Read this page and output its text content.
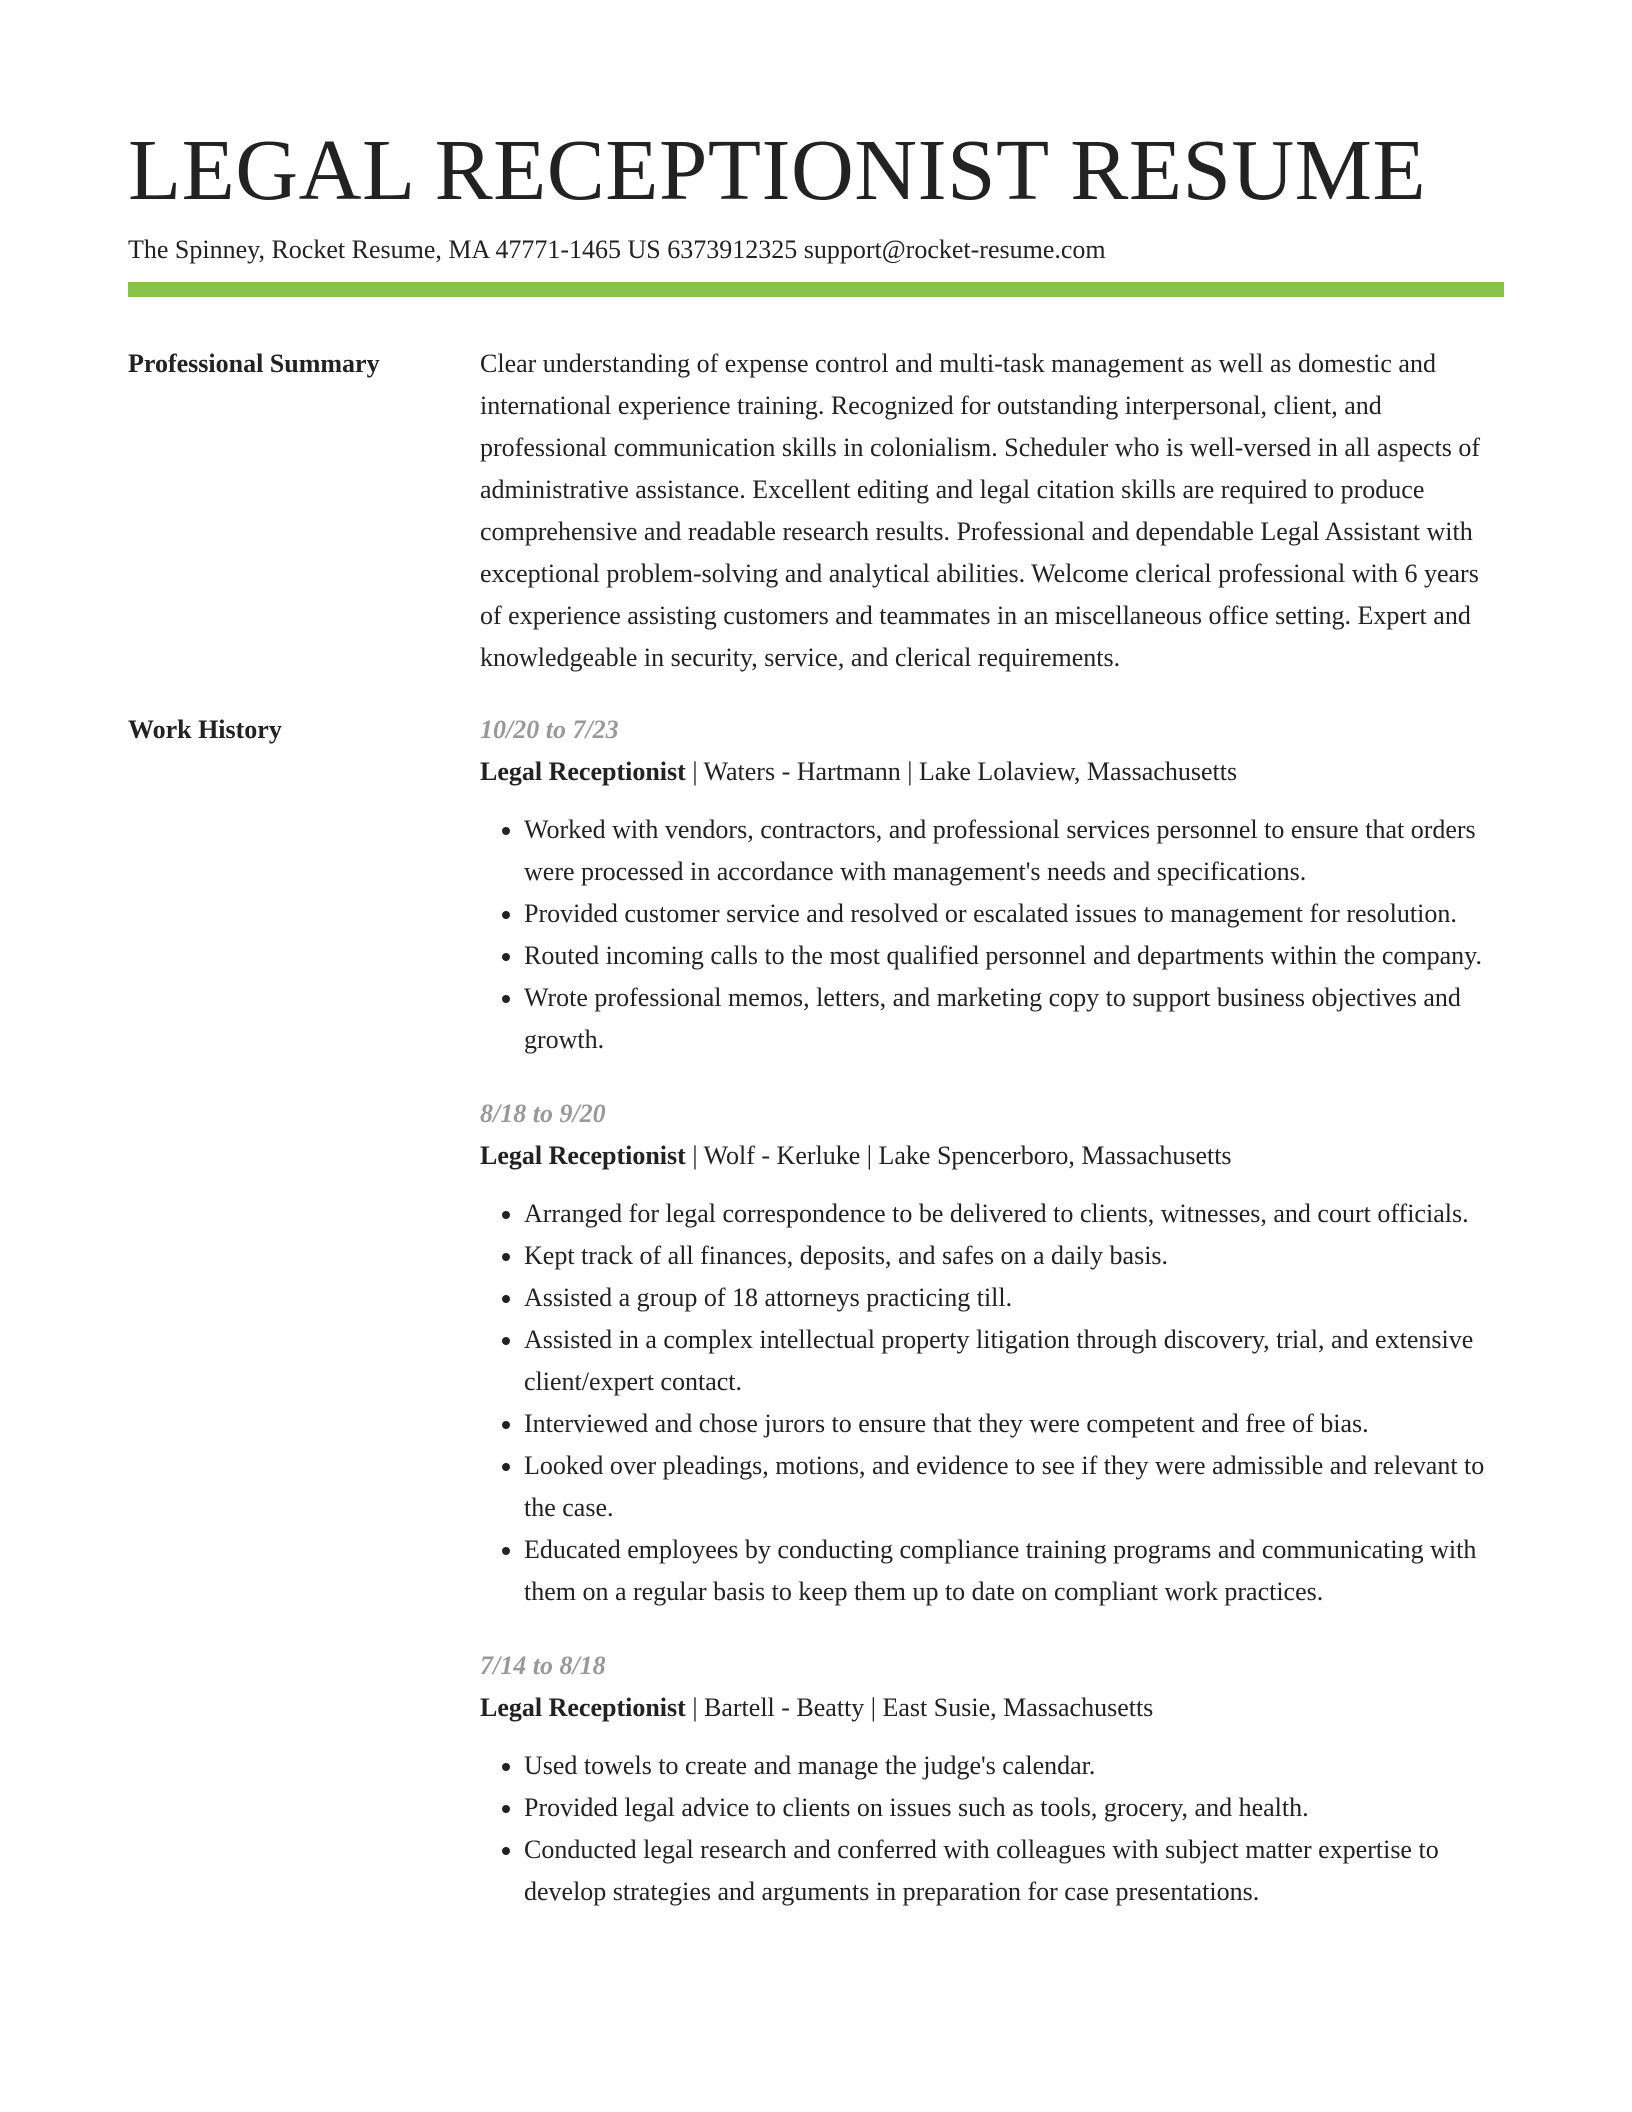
LEGAL RECEPTIONIST RESUME
The Spinney, Rocket Resume, MA 47771-1465 US 6373912325 support@rocket-resume.com
Professional Summary	Clear understanding of expense control and multi-task management as well as domestic and international experience training. Recognized for outstanding interpersonal, client, and professional communication skills in colonialism. Scheduler who is well-versed in all aspects of administrative assistance. Excellent editing and legal citation skills are required to produce comprehensive and readable research results. Professional and dependable Legal Assistant with exceptional problem-solving and analytical abilities. Welcome clerical professional with 6 years of experience assisting customers and teammates in an miscellaneous office setting. Expert and knowledgeable in security, service, and clerical requirements.

Work History	10/20 to 7/23
Legal Receptionist | Waters - Hartmann | Lake Lolaview, Massachusetts
• Worked with vendors, contractors, and professional services personnel to ensure that orders were processed in accordance with management's needs and specifications.
• Provided customer service and resolved or escalated issues to management for resolution.
• Routed incoming calls to the most qualified personnel and departments within the company.
• Wrote professional memos, letters, and marketing copy to support business objectives and growth.
8/18 to 9/20
Legal Receptionist | Wolf - Kerluke | Lake Spencerboro, Massachusetts
• Arranged for legal correspondence to be delivered to clients, witnesses, and court officials.
• Kept track of all finances, deposits, and safes on a daily basis.
• Assisted a group of 18 attorneys practicing till.
• Assisted in a complex intellectual property litigation through discovery, trial, and extensive client/expert contact.
• Interviewed and chose jurors to ensure that they were competent and free of bias.
• Looked over pleadings, motions, and evidence to see if they were admissible and relevant to the case.
• Educated employees by conducting compliance training programs and communicating with them on a regular basis to keep them up to date on compliant work practices.
7/14 to 8/18
Legal Receptionist | Bartell - Beatty | East Susie, Massachusetts
• Used towels to create and manage the judge's calendar.
• Provided legal advice to clients on issues such as tools, grocery, and health.
• Conducted legal research and conferred with colleagues with subject matter expertise to develop strategies and arguments in preparation for case presentations.
